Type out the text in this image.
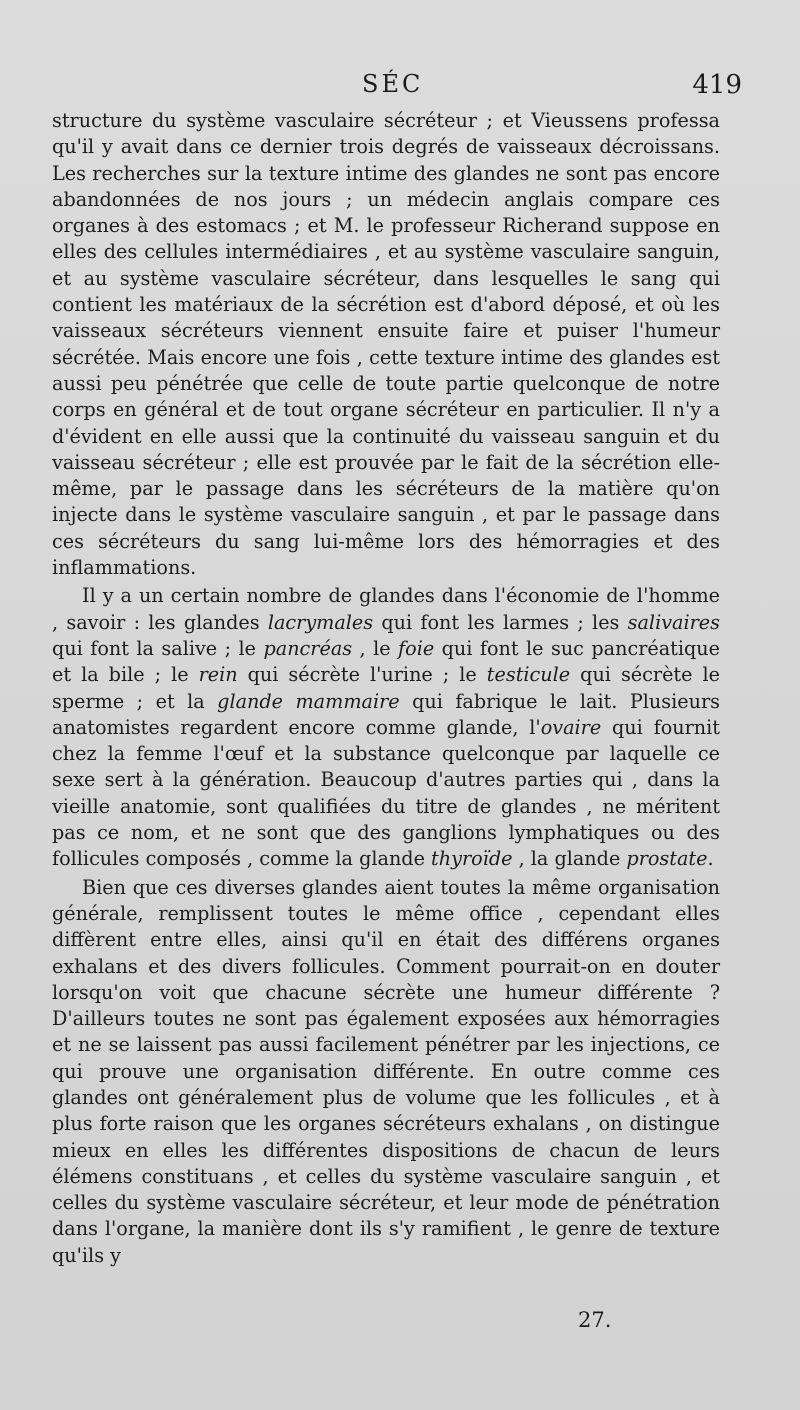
SÉC	419

structure du système vasculaire sécréteur ; et Vieussens professa qu'il y avait dans ce dernier trois degrés de vaisseaux décroissans. Les recherches sur la texture intime des glandes ne sont pas encore abandonnées de nos jours ; un médecin anglais compare ces organes à des estomacs ; et M. le professeur Richerand suppose en elles des cellules intermédiaires , et au système vasculaire sanguin, et au système vasculaire sécréteur, dans lesquelles le sang qui contient les matériaux de la sécrétion est d'abord déposé, et où les vaisseaux sécréteurs viennent ensuite faire et puiser l'humeur sécrétée. Mais encore une fois , cette texture intime des glandes est aussi peu pénétrée que celle de toute partie quelconque de notre corps en général et de tout organe sécréteur en particulier. Il n'y a d'évident en elle aussi que la continuité du vaisseau sanguin et du vaisseau sécréteur ; elle est prouvée par le fait de la sécrétion elle-même, par le passage dans les sécréteurs de la matière qu'on injecte dans le système vasculaire sanguin , et par le passage dans ces sécréteurs du sang lui-même lors des hémorragies et des inflammations.

Il y a un certain nombre de glandes dans l'économie de l'homme , savoir : les glandes lacrymales qui font les larmes ; les salivaires qui font la salive ; le pancréas , le foie qui font le suc pancréatique et la bile ; le rein qui sécrète l'urine ; le testicule qui sécrète le sperme ; et la glande mammaire qui fabrique le lait. Plusieurs anatomistes regardent encore comme glande, l'ovaire qui fournit chez la femme l'œuf et la substance quelconque par laquelle ce sexe sert à la génération. Beaucoup d'autres parties qui , dans la vieille anatomie, sont qualifiées du titre de glandes , ne méritent pas ce nom, et ne sont que des ganglions lymphatiques ou des follicules composés , comme la glande thyroïde , la glande prostate.

Bien que ces diverses glandes aient toutes la même organisation générale, remplissent toutes le même office , cependant elles diffèrent entre elles, ainsi qu'il en était des différens organes exhalans et des divers follicules. Comment pourrait-on en douter lorsqu'on voit que chacune sécrète une humeur différente ? D'ailleurs toutes ne sont pas également exposées aux hémorragies et ne se laissent pas aussi facilement pénétrer par les injections, ce qui prouve une organisation différente. En outre comme ces glandes ont généralement plus de volume que les follicules , et à plus forte raison que les organes sécréteurs exhalans , on distingue mieux en elles les différentes dispositions de chacun de leurs élémens constituans , et celles du système vasculaire sanguin , et celles du système vasculaire sécréteur, et leur mode de pénétration dans l'organe, la manière dont ils s'y ramifient , le genre de texture qu'ils y

27.
